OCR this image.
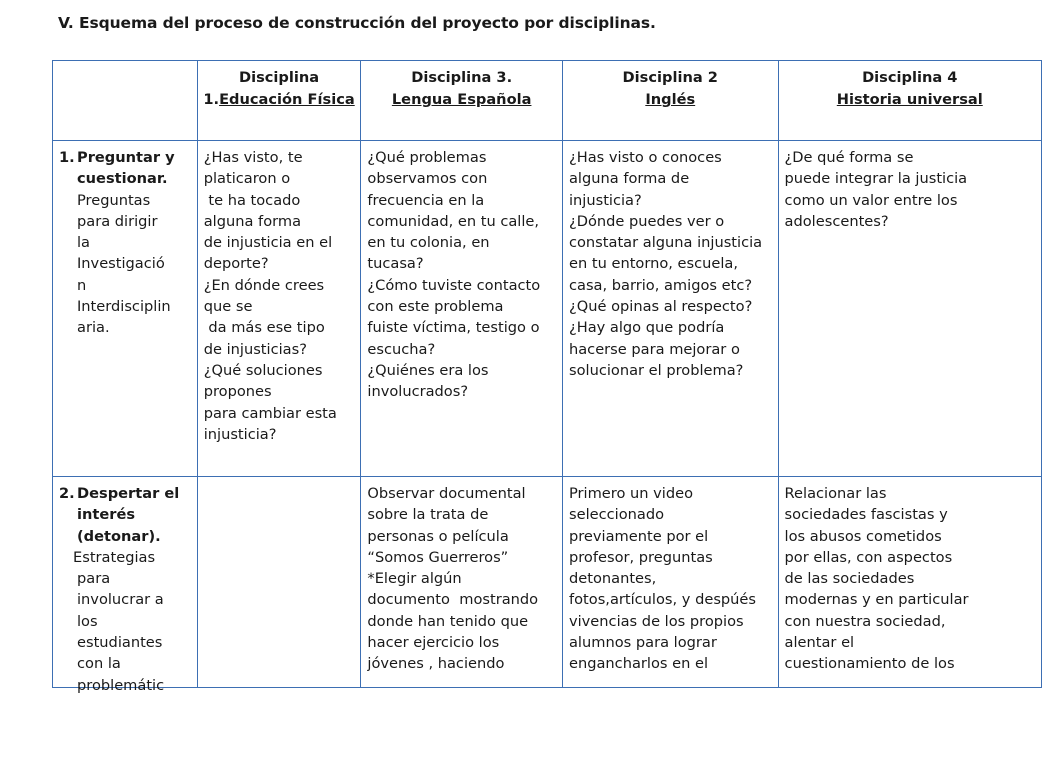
V. Esquema del proceso de construcción del proyecto por disciplinas.
Disciplina
1.Educación Física
Disciplina 3.
Lengua Española
Disciplina 2
Inglés
Disciplina 4
Historia universal
1. Preguntar y
cuestionar.
Preguntas
para dirigir
la
Investigació
n
Interdisciplin
aria.
¿Has visto, te
platicaron o
te ha tocado
alguna forma
de injusticia en el
deporte?
¿En dónde crees
que se
da más ese tipo
de injusticias?
¿Qué soluciones
propones
para cambiar esta
injusticia?
¿Qué problemas
observamos con
frecuencia en la
comunidad, en tu calle,
en tu colonia, en
tucasa?
¿Cómo tuviste contacto
con este problema
fuiste víctima, testigo o
escucha?
¿Quiénes era los
involucrados?
¿Has visto o conoces
alguna forma de
injusticia?
¿Dónde puedes ver o
constatar alguna injusticia
en tu entorno, escuela,
casa, barrio, amigos etc?
¿Qué opinas al respecto?
¿Hay algo que podría
hacerse para mejorar o
solucionar el problema?
¿De qué forma se
puede integrar la justicia
como un valor entre los
adolescentes?
2. Despertar el
interés
(detonar).
Estrategias
para
involucrar a
los
estudiantes
con la
problemátic
Observar documental
sobre la trata de
personas o película
“Somos Guerreros”
*Elegir algún
documento  mostrando
donde han tenido que
hacer ejercicio los
jóvenes , haciendo
Primero un video
seleccionado
previamente por el
profesor, preguntas
detonantes,
fotos,artículos, y despúés
vivencias de los propios
alumnos para lograr
engancharlos en el
Relacionar las
sociedades fascistas y
los abusos cometidos
por ellas, con aspectos
de las sociedades
modernas y en particular
con nuestra sociedad,
alentar el
cuestionamiento de los
